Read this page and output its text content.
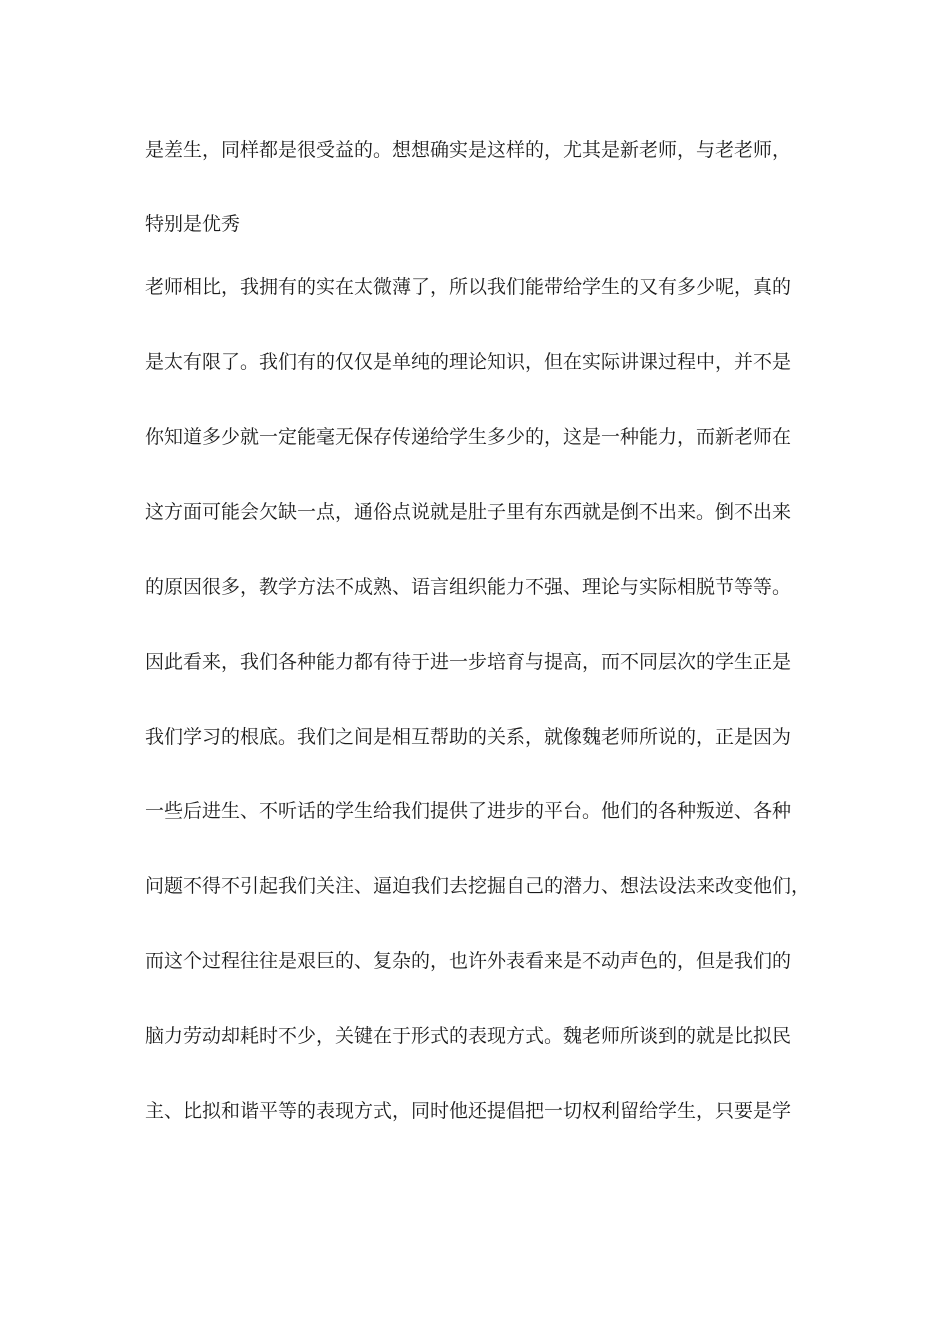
是差生，同样都是很受益的。想想确实是这样的，尤其是新老师，与老老师，
特别是优秀
老师相比，我拥有的实在太微薄了，所以我们能带给学生的又有多少呢，真的
是太有限了。我们有的仅仅是单纯的理论知识，但在实际讲课过程中，并不是
你知道多少就一定能毫无保存传递给学生多少的，这是一种能力，而新老师在
这方面可能会欠缺一点，通俗点说就是肚子里有东西就是倒不出来。倒不出来
的原因很多，教学方法不成熟、语言组织能力不强、理论与实际相脱节等等。
因此看来，我们各种能力都有待于进一步培育与提高，而不同层次的学生正是
我们学习的根底。我们之间是相互帮助的关系，就像魏老师所说的，正是因为
一些后进生、不听话的学生给我们提供了进步的平台。他们的各种叛逆、各种
问题不得不引起我们关注、逼迫我们去挖掘自己的潜力、想法设法来改变他们，
而这个过程往往是艰巨的、复杂的，也许外表看来是不动声色的，但是我们的
脑力劳动却耗时不少，关键在于形式的表现方式。魏老师所谈到的就是比拟民
主、比拟和谐平等的表现方式，同时他还提倡把一切权利留给学生，只要是学
